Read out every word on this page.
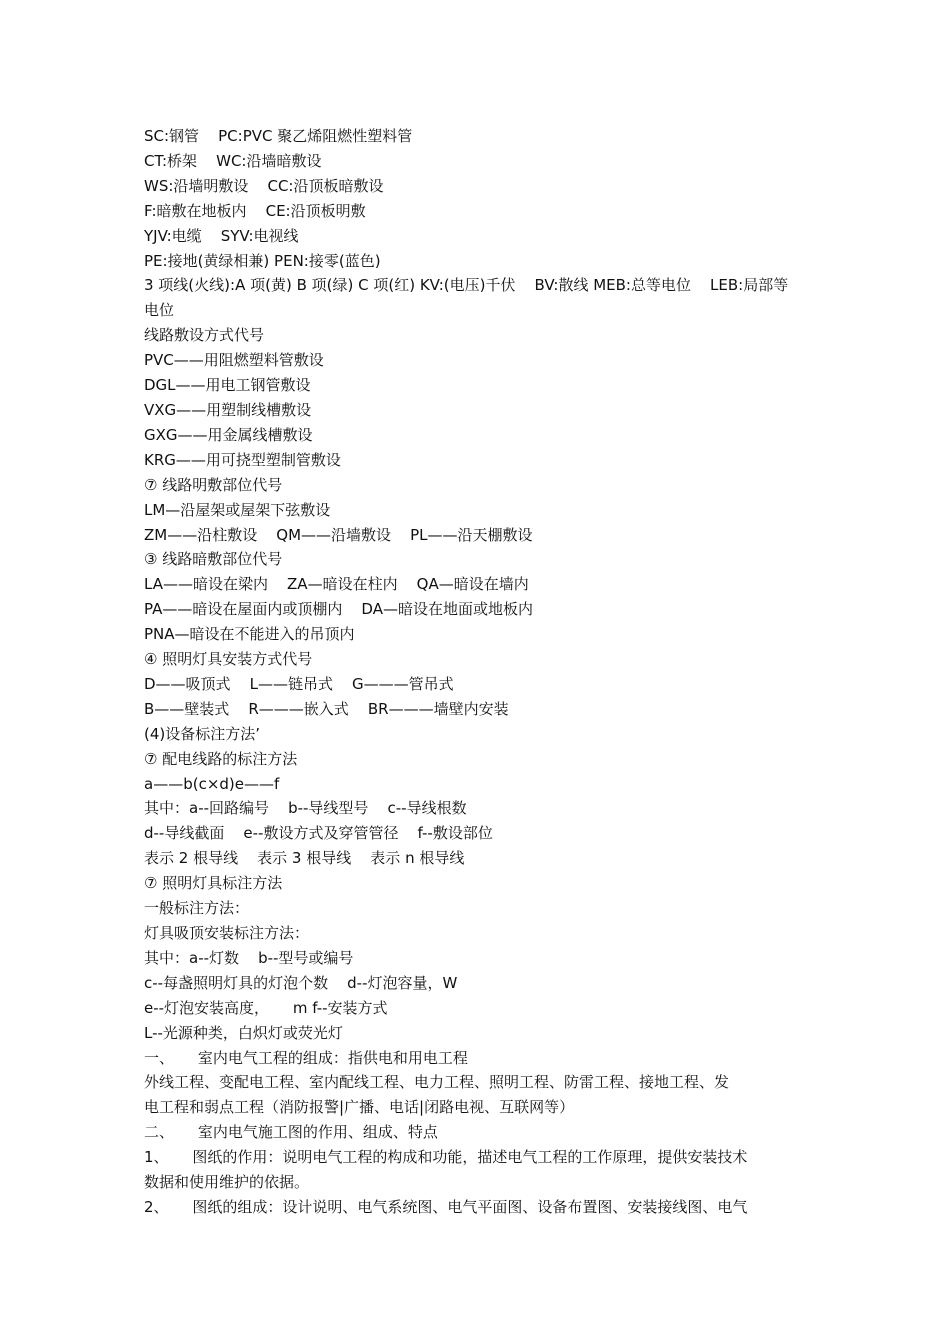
SC:钢管    PC:PVC 聚乙烯阻燃性塑料管
CT:桥架    WC:沿墙暗敷设
WS:沿墙明敷设    CC:沿顶板暗敷设
F:暗敷在地板内    CE:沿顶板明敷
YJV:电缆    SYV:电视线
PE:接地(黄绿相兼) PEN:接零(蓝色)
3 项线(火线):A 项(黄) B 项(绿) C 项(红) KV:(电压)千伏    BV:散线 MEB:总等电位    LEB:局部等
电位
线路敷设方式代号
PVC——用阻燃塑料管敷设
DGL——用电工钢管敷设
VXG——用塑制线槽敷设
GXG——用金属线槽敷设
KRG——用可挠型塑制管敷设
⑦ 线路明敷部位代号
LM—沿屋架或屋架下弦敷设
ZM——沿柱敷设    QM——沿墙敷设    PL——沿天棚敷设
③ 线路暗敷部位代号
LA——暗设在梁内    ZA—暗设在柱内    QA—暗设在墙内
PA——暗设在屋面内或顶棚内    DA—暗设在地面或地板内
PNA—暗设在不能进入的吊顶内
④ 照明灯具安装方式代号
D——吸顶式    L——链吊式    G———管吊式
B——壁装式    R———嵌入式    BR———墙壁内安装
(4)设备标注方法’
⑦ 配电线路的标注方法
a——b(c×d)e——f
其中：a--回路编号    b--导线型号    c--导线根数
d--导线截面    e--敷设方式及穿管管径    f--敷设部位
表示 2 根导线    表示 3 根导线    表示 n 根导线
⑦ 照明灯具标注方法
一般标注方法：
灯具吸顶安装标注方法：
其中：a--灯数    b--型号或编号
c--每盏照明灯具的灯泡个数    d--灯泡容量，W
e--灯泡安装高度，     m f--安装方式
L--光源种类，白炽灯或荧光灯
一、     室内电气工程的组成：指供电和用电工程
外线工程、变配电工程、室内配线工程、电力工程、照明工程、防雷工程、接地工程、发
电工程和弱点工程（消防报警|广播、电话|闭路电视、互联网等）
二、     室内电气施工图的作用、组成、特点
1、     图纸的作用：说明电气工程的构成和功能，描述电气工程的工作原理，提供安装技术
数据和使用维护的依据。
2、     图纸的组成：设计说明、电气系统图、电气平面图、设备布置图、安装接线图、电气
